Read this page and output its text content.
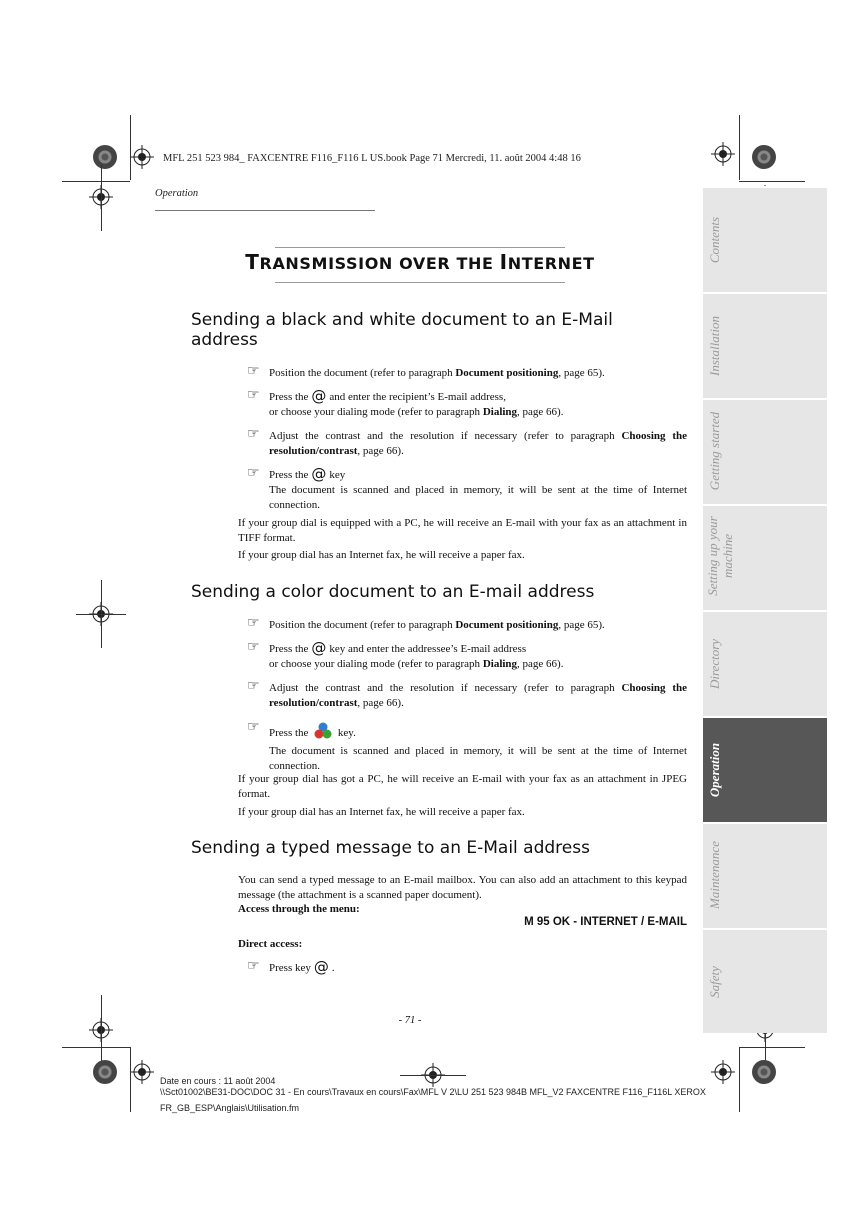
MFL 251 523 984_ FAXCENTRE F116_F116 L US.book Page 71 Mercredi, 11. août 2004 4:48 16
Operation
TRANSMISSION OVER THE INTERNET
Sending a black and white document to an E-Mail
address
☞ Position the document (refer to paragraph Document positioning, page 65).
☞ Press the @ and enter the recipient’s E-mail address,
or choose your dialing mode (refer to paragraph Dialing, page 66).
☞ Adjust the contrast and the resolution if necessary (refer to paragraph Choosing the resolution/contrast, page 66).
☞ Press the @ key
The document is scanned and placed in memory, it will be sent at the time of Internet connection.
If your group dial is equipped with a PC, he will receive an E-mail with your fax as an attachment in TIFF format.
If your group dial has an Internet fax, he will receive a paper fax.
Sending a color document to an E-mail address
☞ Position the document (refer to paragraph Document positioning, page 65).
☞ Press the @ key and enter the addressee’s E-mail address
or choose your dialing mode (refer to paragraph Dialing, page 66).
☞ Adjust the contrast and the resolution if necessary (refer to paragraph Choosing the resolution/contrast, page 66).
☞ Press the	key.
The document is scanned and placed in memory, it will be sent at the time of Internet connection.
If your group dial has got a PC, he will receive an E-mail with your fax as an attachment in JPEG format.
If your group dial has an Internet fax, he will receive a paper fax.
Sending a typed message to an E-Mail address
You can send a typed message to an E-mail mailbox. You can also add an attachment to this keypad message (the attachment is a scanned paper document).
Access through the menu:
M 95 OK - INTERNET / E-MAIL
Direct access:
☞ Press key @ .
- 71 -
Contents
Installation
Getting started
Setting up your machine
Directory
Operation
Maintenance
Safety
Date en cours : 11 août 2004
\\Sct01002\BE31-DOC\DOC 31 - En cours\Travaux en cours\Fax\MFL V 2\LU 251 523 984B MFL_V2 FAXCENTRE F116_F116L XEROX
FR_GB_ESP\Anglais\Utilisation.fm
